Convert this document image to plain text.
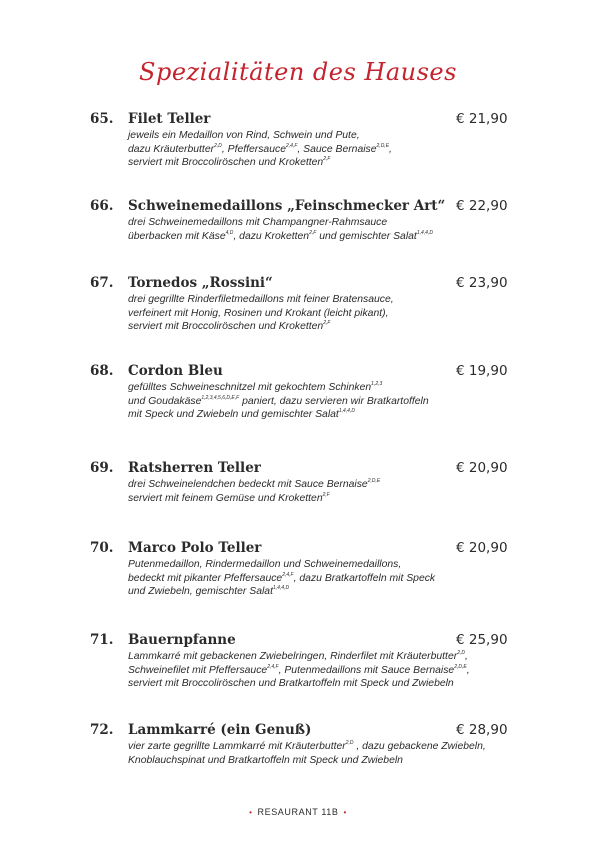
Spezialitäten des Hauses
65. Filet Teller	€ 21,90
jeweils ein Medaillon von Rind, Schwein und Pute,
dazu Kräuterbutter$^{2,D}$, Pfeffersauce$^{2,4,F}$, Sauce Bernaise$^{2,D,E}$,
serviert mit Broccoliröschen und Kroketten$^{2,F}$
66. Schweinemedaillons „Feinschmecker Art“ € 22,90
drei Schweinemedaillons mit Champangner-Rahmsauce
überbacken mit Käse$^{4,D}$, dazu Kroketten$^{2,F}$ und gemischter Salat$^{1,4,4,D}$
67. Tornedos „Rossini“	€ 23,90
drei gegrillte Rinderfiletmedaillons mit feiner Bratensauce,
verfeinert mit Honig, Rosinen und Krokant (leicht pikant),
serviert mit Broccoliröschen und Kroketten$^{2,F}$
68. Cordon Bleu	€ 19,90
gefülltes Schweineschnitzel mit gekochtem Schinken$^{1,2,3}$
und Goudakäse$^{1,2,3,4,5,6,D,E,F}$ paniert, dazu servieren wir Bratkartoffeln
mit Speck und Zwiebeln und gemischter Salat$^{1,4,4,D}$
69. Ratsherren Teller	€ 20,90
drei Schweinelendchen bedeckt mit Sauce Bernaise$^{2,D,E}$
serviert mit feinem Gemüse und Kroketten$^{2,F}$
70. Marco Polo Teller	€ 20,90
Putenmedaillon, Rindermedaillon und Schweinemedaillons,
bedeckt mit pikanter Pfeffersauce$^{2,4,F}$, dazu Bratkartoffeln mit Speck
und Zwiebeln, gemischter Salat$^{1,4,4,D}$
71. Bauernpfanne	€ 25,90
Lammkarré mit gebackenen Zwiebelringen, Rinderfilet mit Kräuterbutter$^{2,D}$,
Schweinefilet mit Pfeffersauce$^{2,4,F}$, Putenmedaillons mit Sauce Bernaise$^{2,D,E}$,
serviert mit Broccoliröschen und Bratkartoffeln mit Speck und Zwiebeln
72. Lammkarré (ein Genuß)	€ 28,90
vier zarte gegrillte Lammkarré mit Kräuterbutter$^{2,D}$ , dazu gebackene Zwiebeln,
Knoblauchspinat und Bratkartoffeln mit Speck und Zwiebeln
• RESAURANT 11B •
